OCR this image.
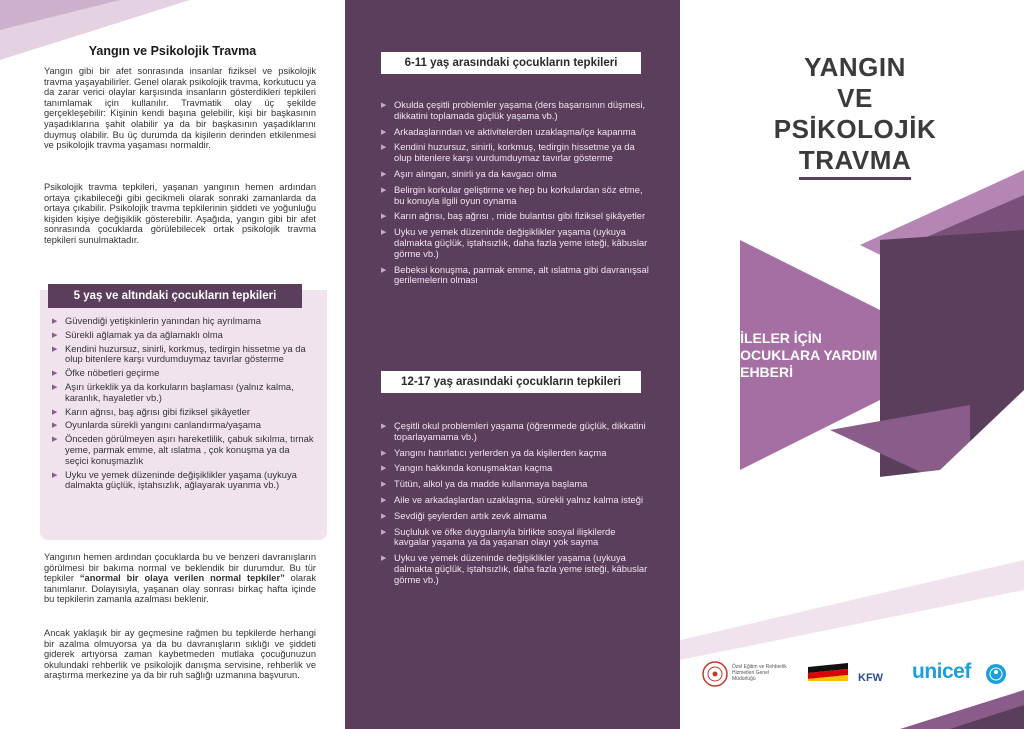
Yangın ve Psikolojik Travma

Yangın gibi bir afet sonrasında insanlar fiziksel ve psikolojik travma yaşayabilirler. Genel olarak psikolojik travma, korkutucu ya da zarar verici olaylar karşısında insanların gösterdikleri tepkileri tanımlamak için kullanılır. Travmatik olay üç şekilde gerçekleşebilir: Kişinin kendi başına gelebilir, kişi bir başkasının yaşadıklarına şahit olabilir ya da bir başkasının yaşadıklarını duymuş olabilir. Bu üç durumda da kişilerin derinden etkilenmesi ve psikolojik travma yaşaması normaldir.

Psikolojik travma tepkileri, yaşanan yangının hemen ardından ortaya çıkabileceği gibi gecikmeli olarak sonraki zamanlarda da ortaya çıkabilir. Psikolojik travma tepkilerinin şiddeti ve yoğunluğu kişiden kişiye değişiklik gösterebilir. Aşağıda, yangın gibi bir afet sonrasında çocuklarda görülebilecek ortak psikolojik travma tepkileri sunulmaktadır.

5 yaş ve altındaki çocukların tepkileri
▶ Güvendiği yetişkinlerin yanından hiç ayrılmama
▶ Sürekli ağlamak ya da ağlamaklı olma
▶ Kendini huzursuz, sinirli, korkmuş, tedirgin hissetme ya da olup bitenlere karşı vurdumduymaz tavırlar gösterme
▶ Öfke nöbetleri geçirme
▶ Aşırı ürkeklik ya da korkuların başlaması (yalnız kalma, karanlık, hayaletler vb.)
▶ Karın ağrısı, baş ağrısı gibi fiziksel şikâyetler
▶ Oyunlarda sürekli yangını canlandırma/yaşama
▶ Önceden görülmeyen aşırı hareketlilik, çabuk sıkılma, tırnak yeme, parmak emme, alt ıslatma , çok konuşma ya da seçici konuşmazlık
▶ Uyku ve yemek düzeninde değişiklikler yaşama (uykuya dalmakta güçlük, iştahsızlık, ağlayarak uyanma vb.)

Yangının hemen ardından çocuklarda bu ve benzeri davranışların görülmesi bir bakıma normal ve beklendik bir durumdur. Bu tür tepkiler “anormal bir olaya verilen normal tepkiler” olarak tanımlanır. Dolayısıyla, yaşanan olay sonrası birkaç hafta içinde bu tepkilerin zamanla azalması beklenir.

Ancak yaklaşık bir ay geçmesine rağmen bu tepkilerde herhangi bir azalma olmuyorsa ya da bu davranışların sıklığı ve şiddeti giderek artıyorsa zaman kaybetmeden mutlaka çocuğunuzun okulundaki rehberlik ve psikolojik danışma servisine, rehberlik ve araştırma merkezine ya da bir ruh sağlığı uzmanına başvurun.

6-11 yaş arasındaki çocukların tepkileri
▶ Okulda çeşitli problemler yaşama (ders başarısının düşmesi, dikkatini toplamada güçlük yaşama vb.)
▶ Arkadaşlarından ve aktivitelerden uzaklaşma/içe kapanma
▶ Kendini huzursuz, sinirli, korkmuş, tedirgin hissetme ya da olup bitenlere karşı vurdumduymaz tavırlar gösterme
▶ Aşırı alıngan, sinirli ya da kavgacı olma
▶ Belirgin korkular geliştirme ve hep bu korkulardan söz etme, bu konuyla ilgili oyun oynama
▶ Karın ağrısı, baş ağrısı , mide bulantısı gibi fiziksel şikâyetler
▶ Uyku ve yemek düzeninde değişiklikler yaşama (uykuya dalmakta güçlük, iştahsızlık, daha fazla yeme isteği, kâbuslar görme vb.)
▶ Bebeksi konuşma, parmak emme, alt ıslatma gibi davranışsal gerilemelerin olması
12-17 yaş arasındaki çocukların tepkileri
▶ Çeşitli okul problemleri yaşama (öğrenmede güçlük, dikkatini toparlayamama vb.)
▶ Yangını hatırlatıcı yerlerden ya da kişilerden kaçma
▶ Yangın hakkında konuşmaktan kaçma
▶ Tütün, alkol ya da madde kullanmaya başlama
▶ Aile ve arkadaşlardan uzaklaşma, sürekli yalnız kalma isteği
▶ Sevdiği şeylerden artık zevk almama
▶ Suçluluk ve öfke duygularıyla birlikte sosyal ilişkilerde kavgalar yaşama ya da yaşanan olayı yok sayma
▶ Uyku ve yemek düzeninde değişiklikler yaşama (uykuya dalmakta güçlük, iştahsızlık, daha fazla yeme isteği, kâbuslar görme vb.)
YANGIN
VE
PSİKOLOJİK
TRAVMA
AİLELER İÇİN
ÇOCUKLARA YARDIM
REHBERİ
Özel Eğitim ve Rehberlik Hizmetleri Genel Müdürlüğü	KFW unicef
